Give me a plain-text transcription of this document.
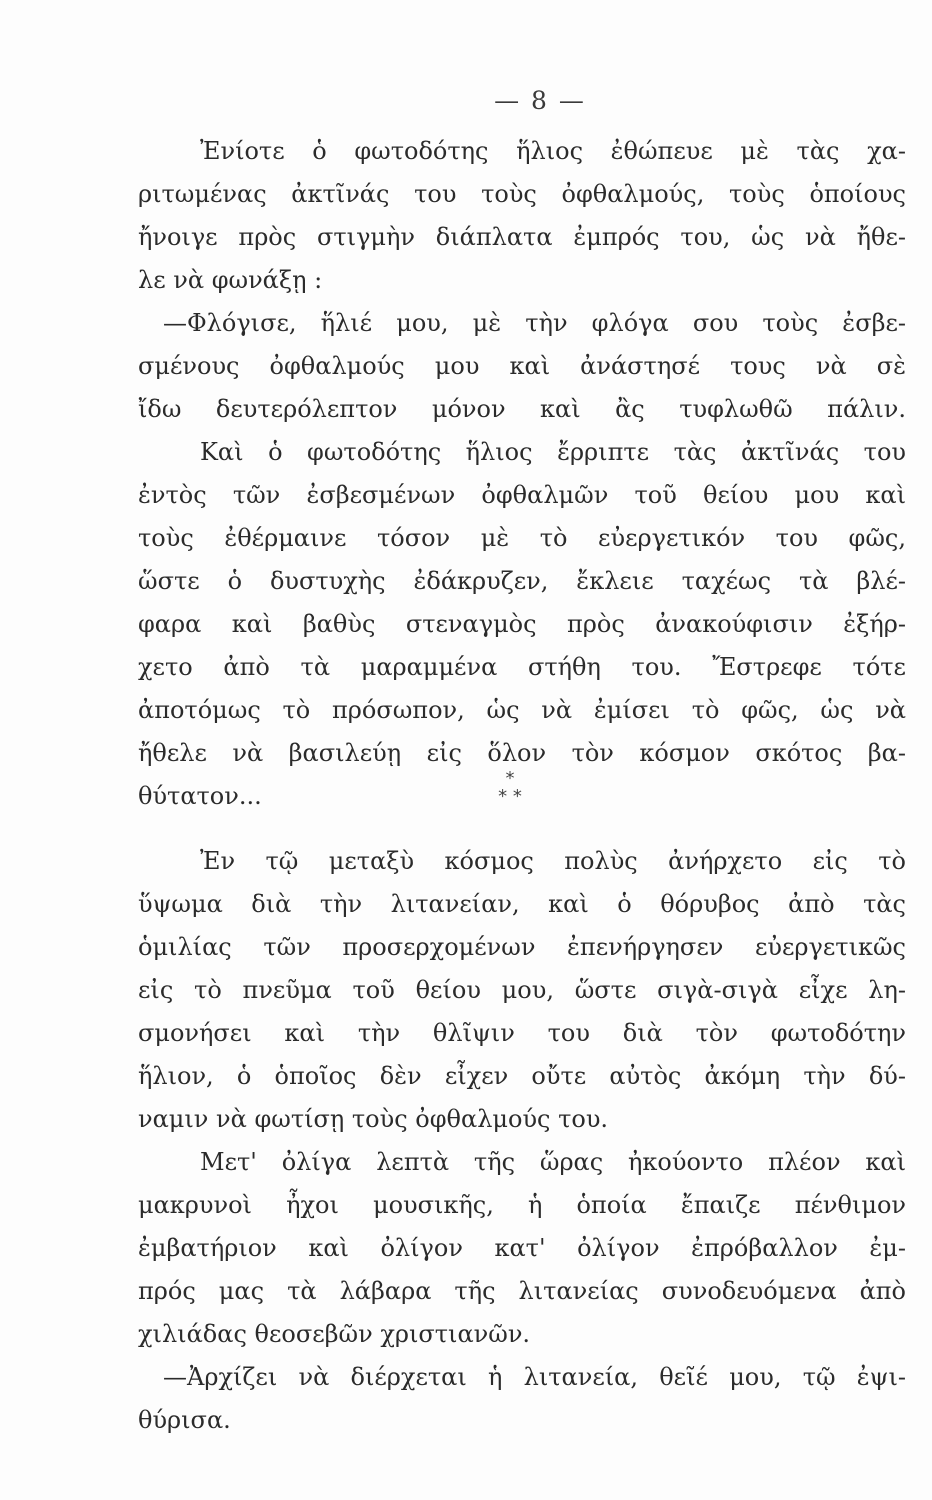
— 8 —
Ἐνίοτε ὁ φωτοδότης ἥλιος ἐθώπευε μὲ τὰς χα-
ριτωμένας ἀκτῖνάς του τοὺς ὀφθαλμούς, τοὺς ὁποίους
ἤνοιγε πρὸς στιγμὴν διάπλατα ἐμπρός του, ὡς νὰ ἤθε-
λε νὰ φωνάξῃ :
—Φλόγισε, ἥλιέ μου, μὲ τὴν φλόγα σου τοὺς ἐσβε-
σμένους ὀφθαλμούς μου καὶ ἀνάστησέ τους νὰ σὲ
ἴδω δευτερόλεπτον μόνον καὶ ἂς τυφλωθῶ πάλιν.
Καὶ ὁ φωτοδότης ἥλιος ἔρριπτε τὰς ἀκτῖνάς του
ἐντὸς τῶν ἐσβεσμένων ὀφθαλμῶν τοῦ θείου μου καὶ
τοὺς ἐθέρμαινε τόσον μὲ τὸ εὐεργετικόν του φῶς,
ὥστε ὁ δυστυχὴς ἐδάκρυζεν, ἔκλειε ταχέως τὰ βλέ-
φαρα καὶ βαθὺς στεναγμὸς πρὸς ἀνακούφισιν ἐξήρ-
χετο ἀπὸ τὰ μαραμμένα στήθη του. Ἔστρεφε τότε
ἀποτόμως τὸ πρόσωπον, ὡς νὰ ἐμίσει τὸ φῶς, ὡς νὰ
ἤθελε νὰ βασιλεύῃ εἰς ὅλον τὸν κόσμον σκότος βα-
θύτατον...
*
* *
Ἐν τῷ μεταξὺ κόσμος πολὺς ἀνήρχετο εἰς τὸ
ὕψωμα διὰ τὴν λιτανείαν, καὶ ὁ θόρυβος ἀπὸ τὰς
ὁμιλίας τῶν προσερχομένων ἐπενήργησεν εὐεργετικῶς
εἰς τὸ πνεῦμα τοῦ θείου μου, ὥστε σιγὰ-σιγὰ εἶχε λη-
σμονήσει καὶ τὴν θλῖψιν του διὰ τὸν φωτοδότην
ἥλιον, ὁ ὁποῖος δὲν εἶχεν οὔτε αὐτὸς ἀκόμη τὴν δύ-
ναμιν νὰ φωτίσῃ τοὺς ὀφθαλμούς του.
Μετ' ὀλίγα λεπτὰ τῆς ὥρας ἠκούοντο πλέον καὶ
μακρυνοὶ ἦχοι μουσικῆς, ἡ ὁποία ἔπαιζε πένθιμον
ἐμβατήριον καὶ ὀλίγον κατ' ὀλίγον ἐπρόβαλλον ἐμ-
πρός μας τὰ λάβαρα τῆς λιτανείας συνοδευόμενα ἀπὸ
χιλιάδας θεοσεβῶν χριστιανῶν.
—Ἀρχίζει νὰ διέρχεται ἡ λιτανεία, θεῖέ μου, τῷ ἐψι-
θύρισα.
